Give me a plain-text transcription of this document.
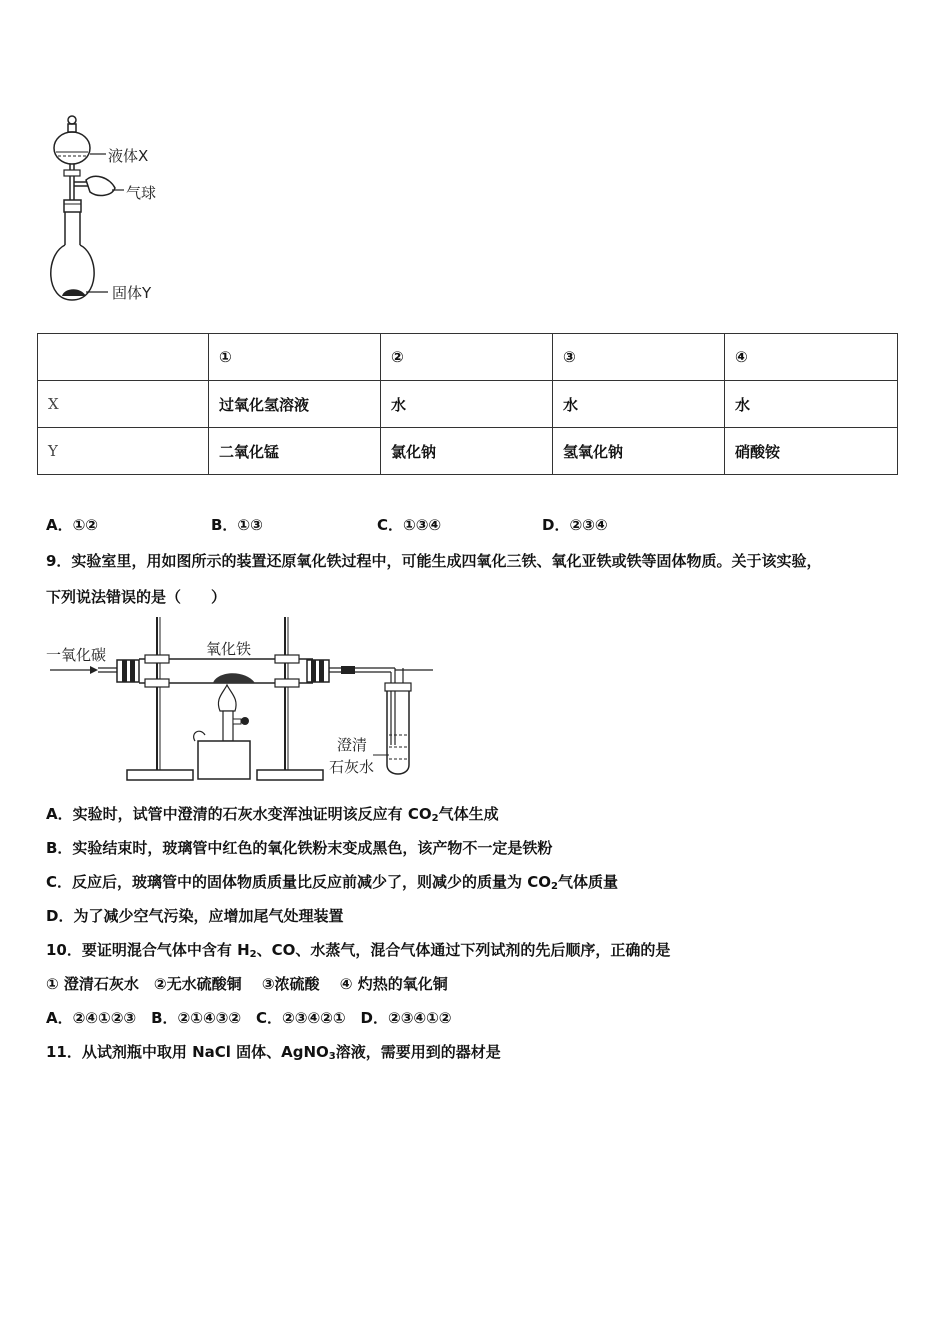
液体X
气球
固体Y
	①	②	③	④
X	过氧化氢溶液	水	水	水
Y	二氧化锰	氯化钠	氢氧化钠	硝酸铵
A．①②	B．①③	C．①③④	D．②③④
9．实验室里，用如图所示的装置还原氧化铁过程中，可能生成四氧化三铁、氧化亚铁或铁等固体物质。关于该实验，
下列说法错误的是（　　）
一氧化碳	氧化铁
澄清
石灰水
A．实验时，试管中澄清的石灰水变浑浊证明该反应有 $CO_2$气体生成
B．实验结束时，玻璃管中红色的氧化铁粉末变成黑色，该产物不一定是铁粉
C．反应后，玻璃管中的固体物质质量比反应前减少了，则减少的质量为 $CO_2$气体质量
D．为了减少空气污染，应增加尾气处理装置
10．要证明混合气体中含有 $H_2$、CO、水蒸气，混合气体通过下列试剂的先后顺序，正确的是
① 澄清石灰水　②无水硫酸铜　 ③浓硫酸　 ④ 灼热的氧化铜
A．②④①②③　B．②①④③②　C．②③④②①　D．②③④①②
11．从试剂瓶中取用 NaCl 固体、AgNO$_3$溶液，需要用到的器材是
